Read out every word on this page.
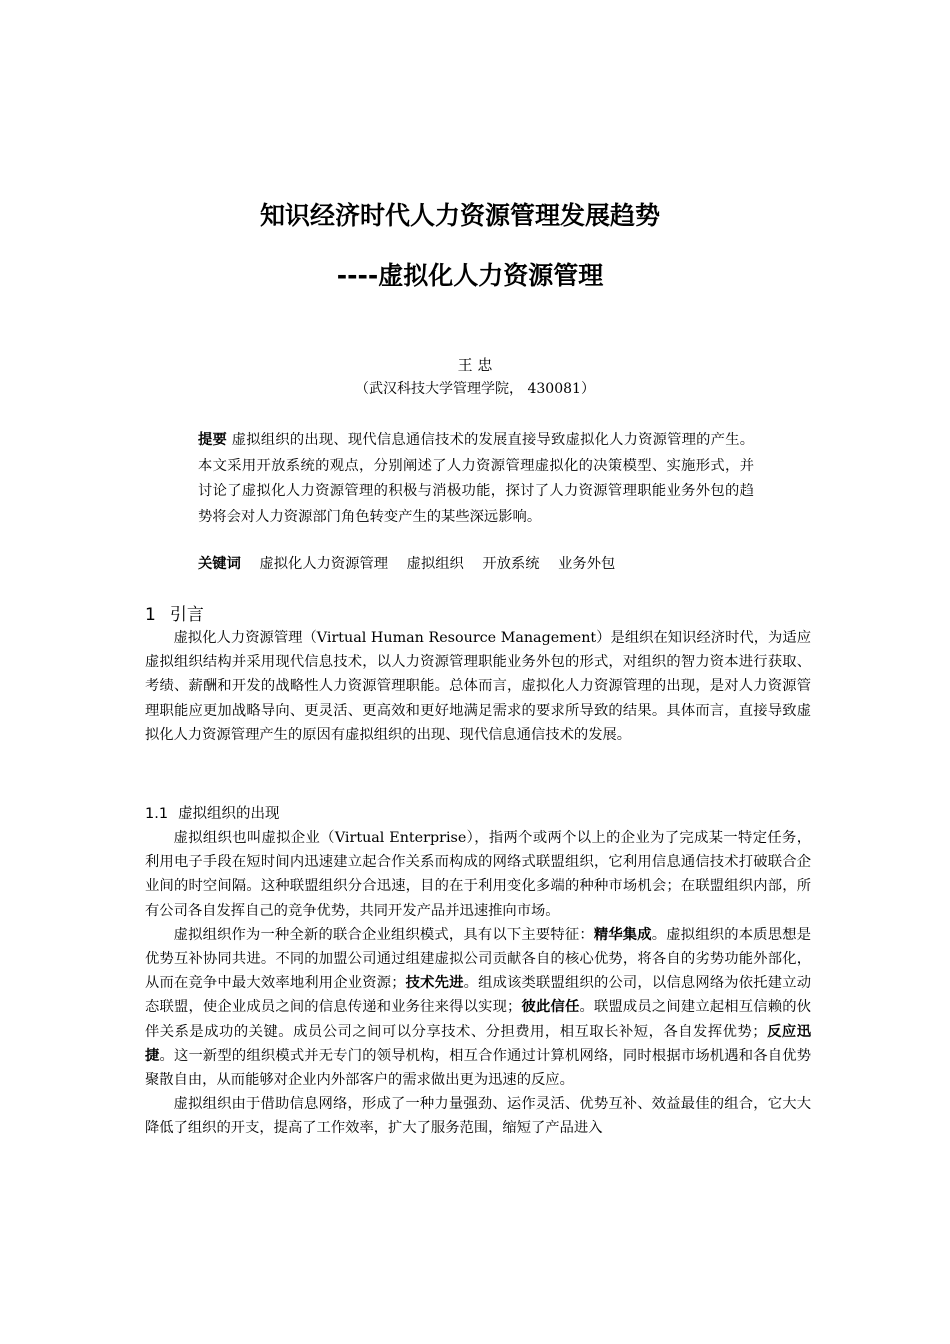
知识经济时代人力资源管理发展趋势
----虚拟化人力资源管理
王 忠
（武汉科技大学管理学院， 430081）
提要 虚拟组织的出现、现代信息通信技术的发展直接导致虚拟化人力资源管理的产生。本文采用开放系统的观点，分别阐述了人力资源管理虚拟化的决策模型、实施形式，并讨论了虚拟化人力资源管理的积极与消极功能，探讨了人力资源管理职能业务外包的趋势将会对人力资源部门角色转变产生的某些深远影响。
关键词 虚拟化人力资源管理 虚拟组织 开放系统 业务外包
1 引言

虚拟化人力资源管理（Virtual Human Resource Management）是组织在知识经济时代，为适应虚拟组织结构并采用现代信息技术，以人力资源管理职能业务外包的形式，对组织的智力资本进行获取、考绩、薪酬和开发的战略性人力资源管理职能。总体而言，虚拟化人力资源管理的出现，是对人力资源管理职能应更加战略导向、更灵活、更高效和更好地满足需求的要求所导致的结果。具体而言，直接导致虚拟化人力资源管理产生的原因有虚拟组织的出现、现代信息通信技术的发展。

1.1 虚拟组织的出现

虚拟组织也叫虚拟企业（Virtual Enterprise），指两个或两个以上的企业为了完成某一特定任务，利用电子手段在短时间内迅速建立起合作关系而构成的网络式联盟组织，它利用信息通信技术打破联合企业间的时空间隔。这种联盟组织分合迅速，目的在于利用变化多端的种种市场机会；在联盟组织内部，所有公司各自发挥自己的竞争优势，共同开发产品并迅速推向市场。

虚拟组织作为一种全新的联合企业组织模式，具有以下主要特征：精华集成。虚拟组织的本质思想是优势互补协同共进。不同的加盟公司通过组建虚拟公司贡献各自的核心优势，将各自的劣势功能外部化，从而在竞争中最大效率地利用企业资源；技术先进。组成该类联盟组织的公司，以信息网络为依托建立动态联盟，使企业成员之间的信息传递和业务往来得以实现；彼此信任。联盟成员之间建立起相互信赖的伙伴关系是成功的关键。成员公司之间可以分享技术、分担费用，相互取长补短，各自发挥优势；反应迅捷。这一新型的组织模式并无专门的领导机构，相互合作通过计算机网络，同时根据市场机遇和各自优势聚散自由，从而能够对企业内外部客户的需求做出更为迅速的反应。

虚拟组织由于借助信息网络，形成了一种力量强劲、运作灵活、优势互补、效益最佳的组合，它大大降低了组织的开支，提高了工作效率，扩大了服务范围，缩短了产品进入
